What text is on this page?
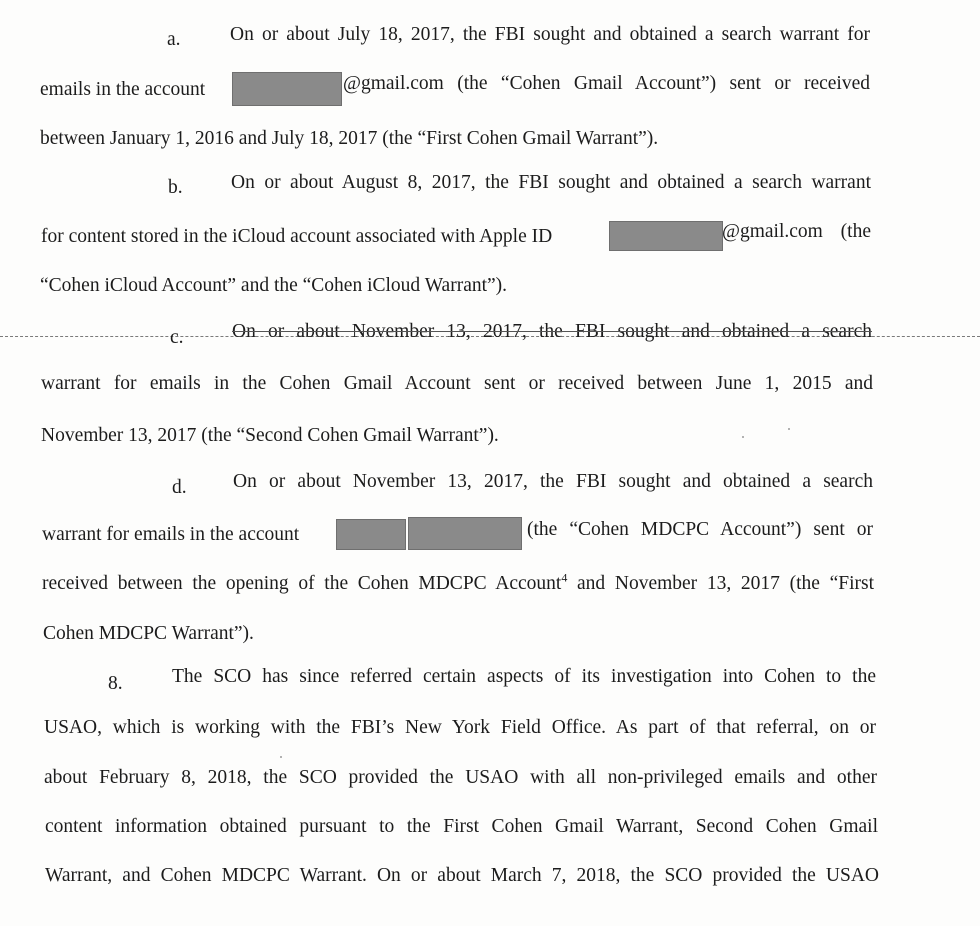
a.	On or about July 18, 2017, the FBI sought and obtained a search warrant for
emails in the account	@gmail.com (the “Cohen Gmail Account”) sent or received
between January 1, 2016 and July 18, 2017 (the “First Cohen Gmail Warrant”).
b. On or about August 8, 2017, the FBI sought and obtained a search warrant
for content stored in the iCloud account associated with Apple ID	@gmail.com (the
“Cohen iCloud Account” and the “Cohen iCloud Warrant”).
c. On or about November 13, 2017, the FBI sought and obtained a search
warrant for emails in the Cohen Gmail Account sent or received between June 1, 2015 and
November 13, 2017 (the “Second Cohen Gmail Warrant”).
d. On or about November 13, 2017, the FBI sought and obtained a search
warrant for emails in the account	(the “Cohen MDCPC Account”) sent or
received between the opening of the Cohen MDCPC Account$^4$ and November 13, 2017 (the “First
Cohen MDCPC Warrant”).
8.	The SCO has since referred certain aspects of its investigation into Cohen to the
USAO, which is working with the FBI’s New York Field Office. As part of that referral, on or
about February 8, 2018, the SCO provided the USAO with all non-privileged emails and other
content information obtained pursuant to the First Cohen Gmail Warrant, Second Cohen Gmail
Warrant, and Cohen MDCPC Warrant. On or about March 7, 2018, the SCO provided the USAO
